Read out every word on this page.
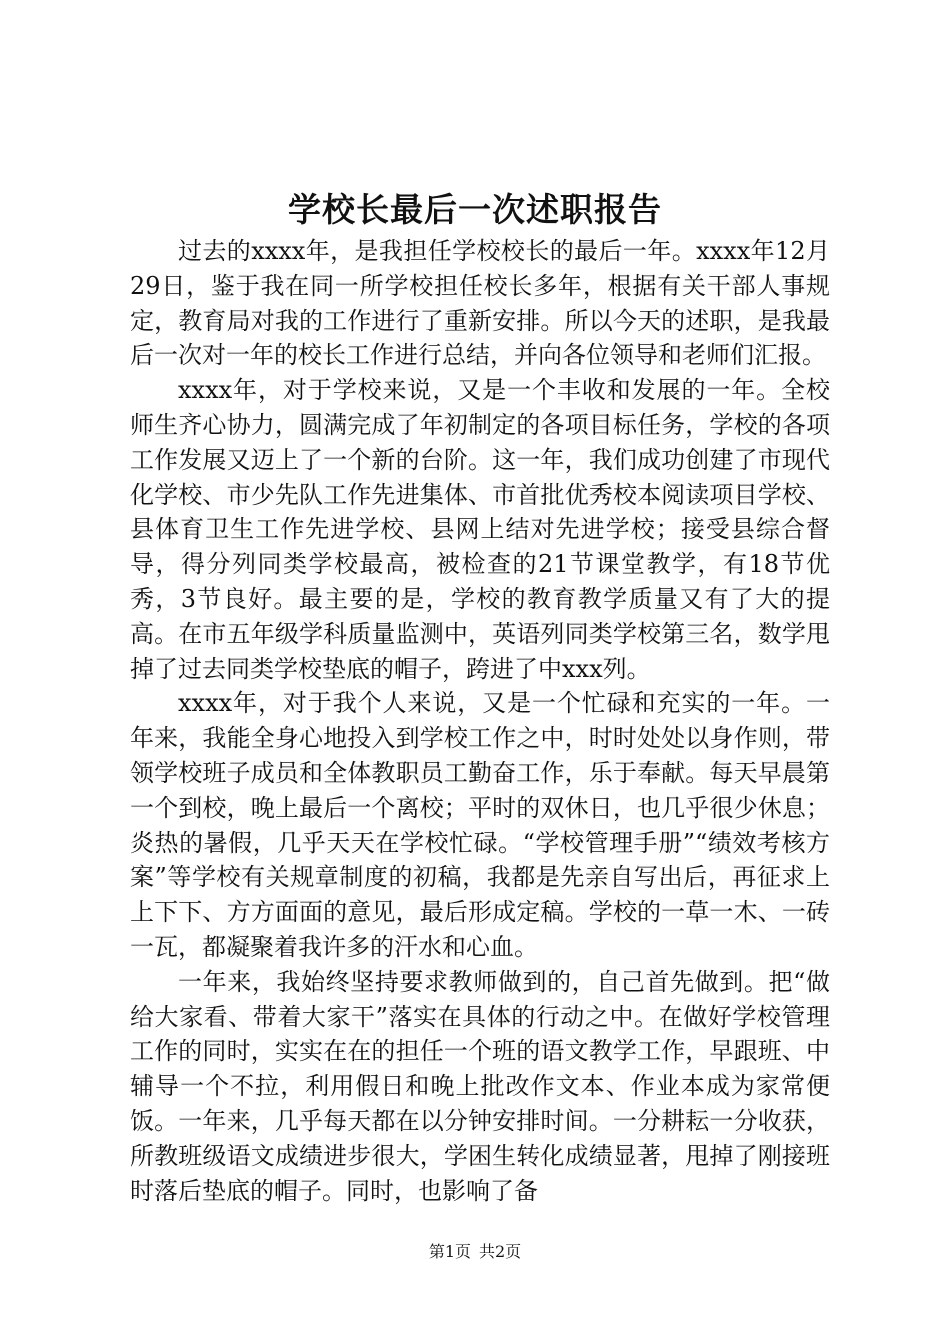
学校长最后一次述职报告

过去的xxxx年，是我担任学校校长的最后一年。xxxx年12月29日，鉴于我在同一所学校担任校长多年，根据有关干部人事规定，教育局对我的工作进行了重新安排。所以今天的述职，是我最后一次对一年的校长工作进行总结，并向各位领导和老师们汇报。

xxxx年，对于学校来说，又是一个丰收和发展的一年。全校师生齐心协力，圆满完成了年初制定的各项目标任务，学校的各项工作发展又迈上了一个新的台阶。这一年，我们成功创建了市现代化学校、市少先队工作先进集体、市首批优秀校本阅读项目学校、县体育卫生工作先进学校、县网上结对先进学校；接受县综合督导，得分列同类学校最高，被检查的21节课堂教学，有18节优秀，3节良好。最主要的是，学校的教育教学质量又有了大的提高。在市五年级学科质量监测中，英语列同类学校第三名，数学甩掉了过去同类学校垫底的帽子，跨进了中xxx列。

xxxx年，对于我个人来说，又是一个忙碌和充实的一年。一年来，我能全身心地投入到学校工作之中，时时处处以身作则，带领学校班子成员和全体教职员工勤奋工作，乐于奉献。每天早晨第一个到校，晚上最后一个离校；平时的双休日，也几乎很少休息；炎热的暑假，几乎天天在学校忙碌。“学校管理手册”“绩效考核方案”等学校有关规章制度的初稿，我都是先亲自写出后，再征求上上下下、方方面面的意见，最后形成定稿。学校的一草一木、一砖一瓦，都凝聚着我许多的汗水和心血。

一年来，我始终坚持要求教师做到的，自己首先做到。把“做给大家看、带着大家干”落实在具体的行动之中。在做好学校管理工作的同时，实实在在的担任一个班的语文教学工作，早跟班、中辅导一个不拉，利用假日和晚上批改作文本、作业本成为家常便饭。一年来，几乎每天都在以分钟安排时间。一分耕耘一分收获，所教班级语文成绩进步很大，学困生转化成绩显著，甩掉了刚接班时落后垫底的帽子。同时，也影响了备

第1页 共2页
